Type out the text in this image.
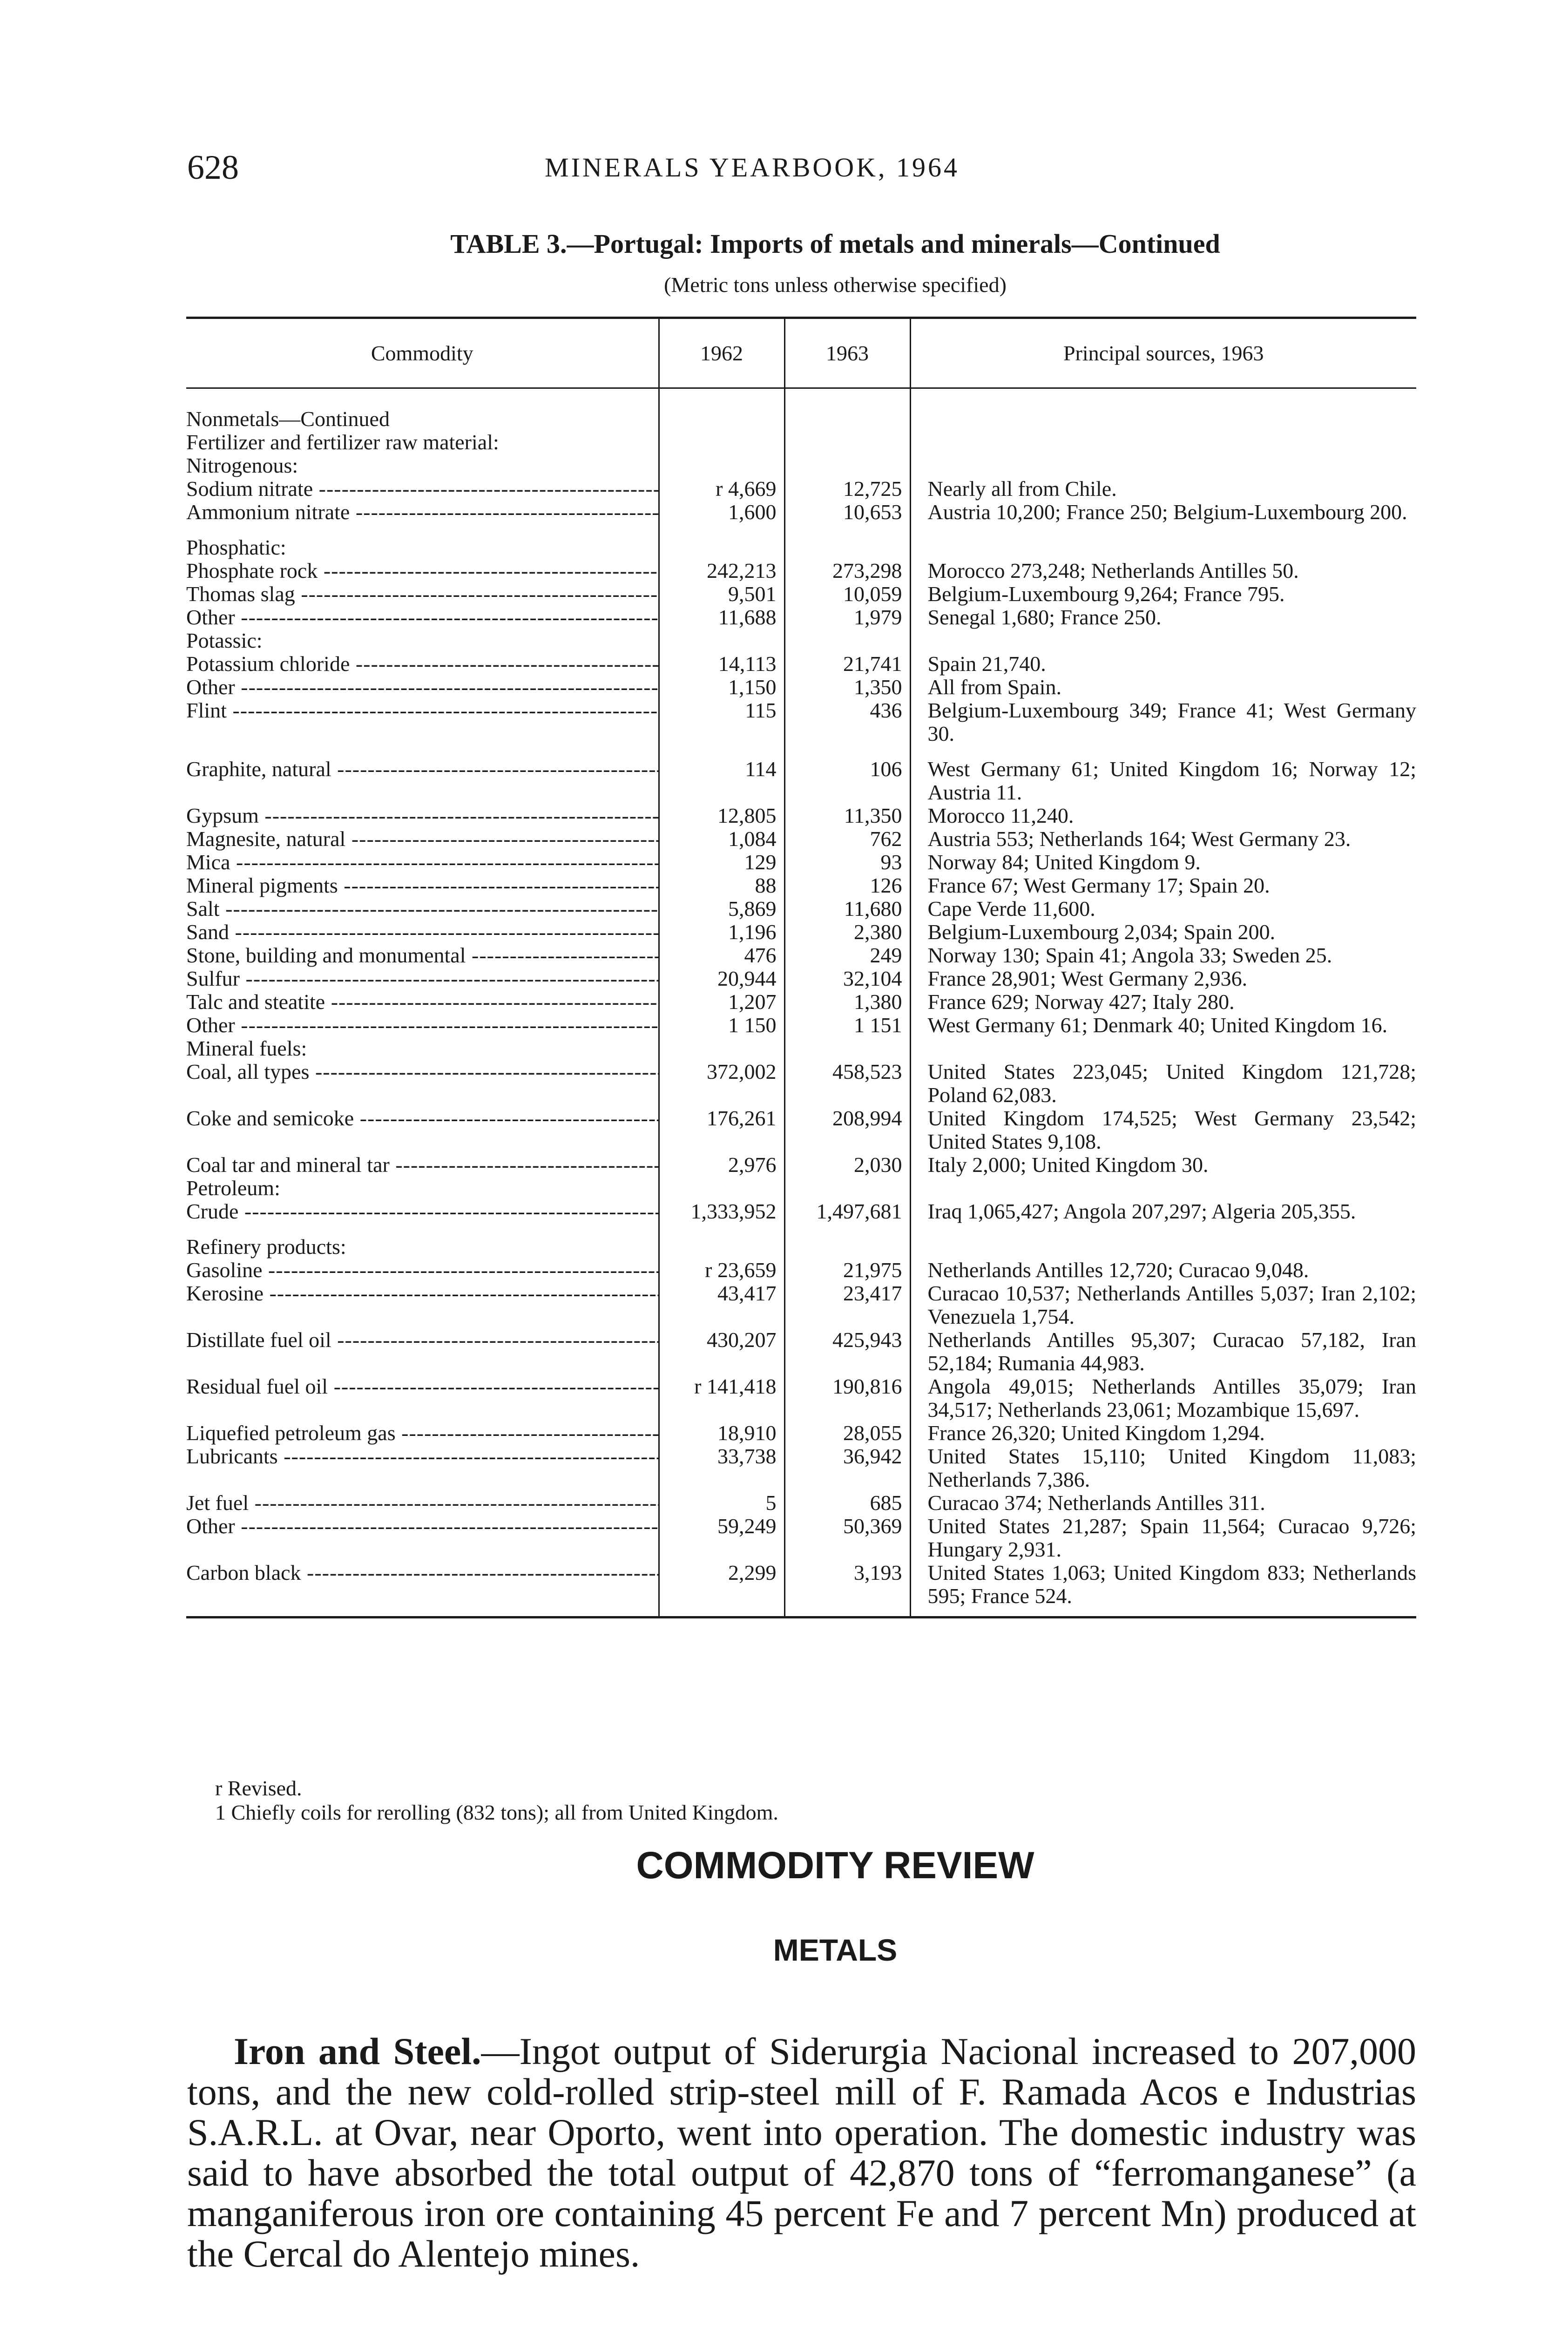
628	MINERALS YEARBOOK, 1964
TABLE 3.—Portugal: Imports of metals and minerals—Continued
(Metric tons unless otherwise specified)
Commodity	1962	1963	Principal sources, 1963
Nonmetals—Continued			
Fertilizer and fertilizer raw material:			
Nitrogenous:			
Sodium nitrate -----	r 4,669	12,725	Nearly all from Chile.
Ammonium nitrate -----	1,600	10,653	Austria 10,200; France 250; Belgium-Luxembourg 200.

Phosphatic:			
Phosphate rock -----	242,213	273,298	Morocco 273,248; Netherlands Antilles 50.
Thomas slag -----	9,501	10,059	Belgium-Luxembourg 9,264; France 795.
Other -----	11,688	1,979	Senegal 1,680; France 250.
Potassic:			
Potassium chloride -----	14,113	21,741	Spain 21,740.
Other -----	1,150	1,350	All from Spain.
Flint -----	115	436	Belgium-Luxembourg 349; France 41; West Germany 30.

Graphite, natural -----	114	106	West Germany 61; United Kingdom 16; Norway 12; Austria 11.
Gypsum -----	12,805	11,350	Morocco 11,240.
Magnesite, natural -----	1,084	762	Austria 553; Netherlands 164; West Germany 23.
Mica -----	129	93	Norway 84; United Kingdom 9.
Mineral pigments -----	88	126	France 67; West Germany 17; Spain 20.
Salt -----	5,869	11,680	Cape Verde 11,600.
Sand -----	1,196	2,380	Belgium-Luxembourg 2,034; Spain 200.
Stone, building and monumental -----	476	249	Norway 130; Spain 41; Angola 33; Sweden 25.
Sulfur -----	20,944	32,104	France 28,901; West Germany 2,936.
Talc and steatite -----	1,207	1,380	France 629; Norway 427; Italy 280.
Other -----	1 150	1 151	West Germany 61; Denmark 40; United Kingdom 16.
Mineral fuels:			
Coal, all types -----	372,002	458,523	United States 223,045; United Kingdom 121,728; Poland 62,083.
Coke and semicoke -----	176,261	208,994	United Kingdom 174,525; West Germany 23,542; United States 9,108.
Coal tar and mineral tar -----	2,976	2,030	Italy 2,000; United Kingdom 30.
Petroleum:			
Crude -----	1,333,952	1,497,681	Iraq 1,065,427; Angola 207,297; Algeria 205,355.

Refinery products:			
Gasoline -----	r 23,659	21,975	Netherlands Antilles 12,720; Curacao 9,048.
Kerosine -----	43,417	23,417	Curacao 10,537; Netherlands Antilles 5,037; Iran 2,102; Venezuela 1,754.
Distillate fuel oil -----	430,207	425,943	Netherlands Antilles 95,307; Curacao 57,182, Iran 52,184; Rumania 44,983.
Residual fuel oil -----	r 141,418	190,816	Angola 49,015; Netherlands Antilles 35,079; Iran 34,517; Netherlands 23,061; Mozambique 15,697.
Liquefied petroleum gas -----	18,910	28,055	France 26,320; United Kingdom 1,294.
Lubricants -----	33,738	36,942	United States 15,110; United Kingdom 11,083; Netherlands 7,386.
Jet fuel -----	5	685	Curacao 374; Netherlands Antilles 311.
Other -----	59,249	50,369	United States 21,287; Spain 11,564; Curacao 9,726; Hungary 2,931.
Carbon black -----	2,299	3,193	United States 1,063; United Kingdom 833; Netherlands 595; France 524.
r Revised.
1 Chiefly coils for rerolling (832 tons); all from United Kingdom.
COMMODITY REVIEW
METALS

Iron and Steel.—Ingot output of Siderurgia Nacional increased to 207,000 tons, and the new cold-rolled strip-steel mill of F. Ramada Acos e Industrias S.A.R.L. at Ovar, near Oporto, went into operation. The domestic industry was said to have absorbed the total output of 42,870 tons of “ferromanganese” (a manganiferous iron ore containing 45 percent Fe and 7 percent Mn) produced at the Cercal do Alentejo mines.
